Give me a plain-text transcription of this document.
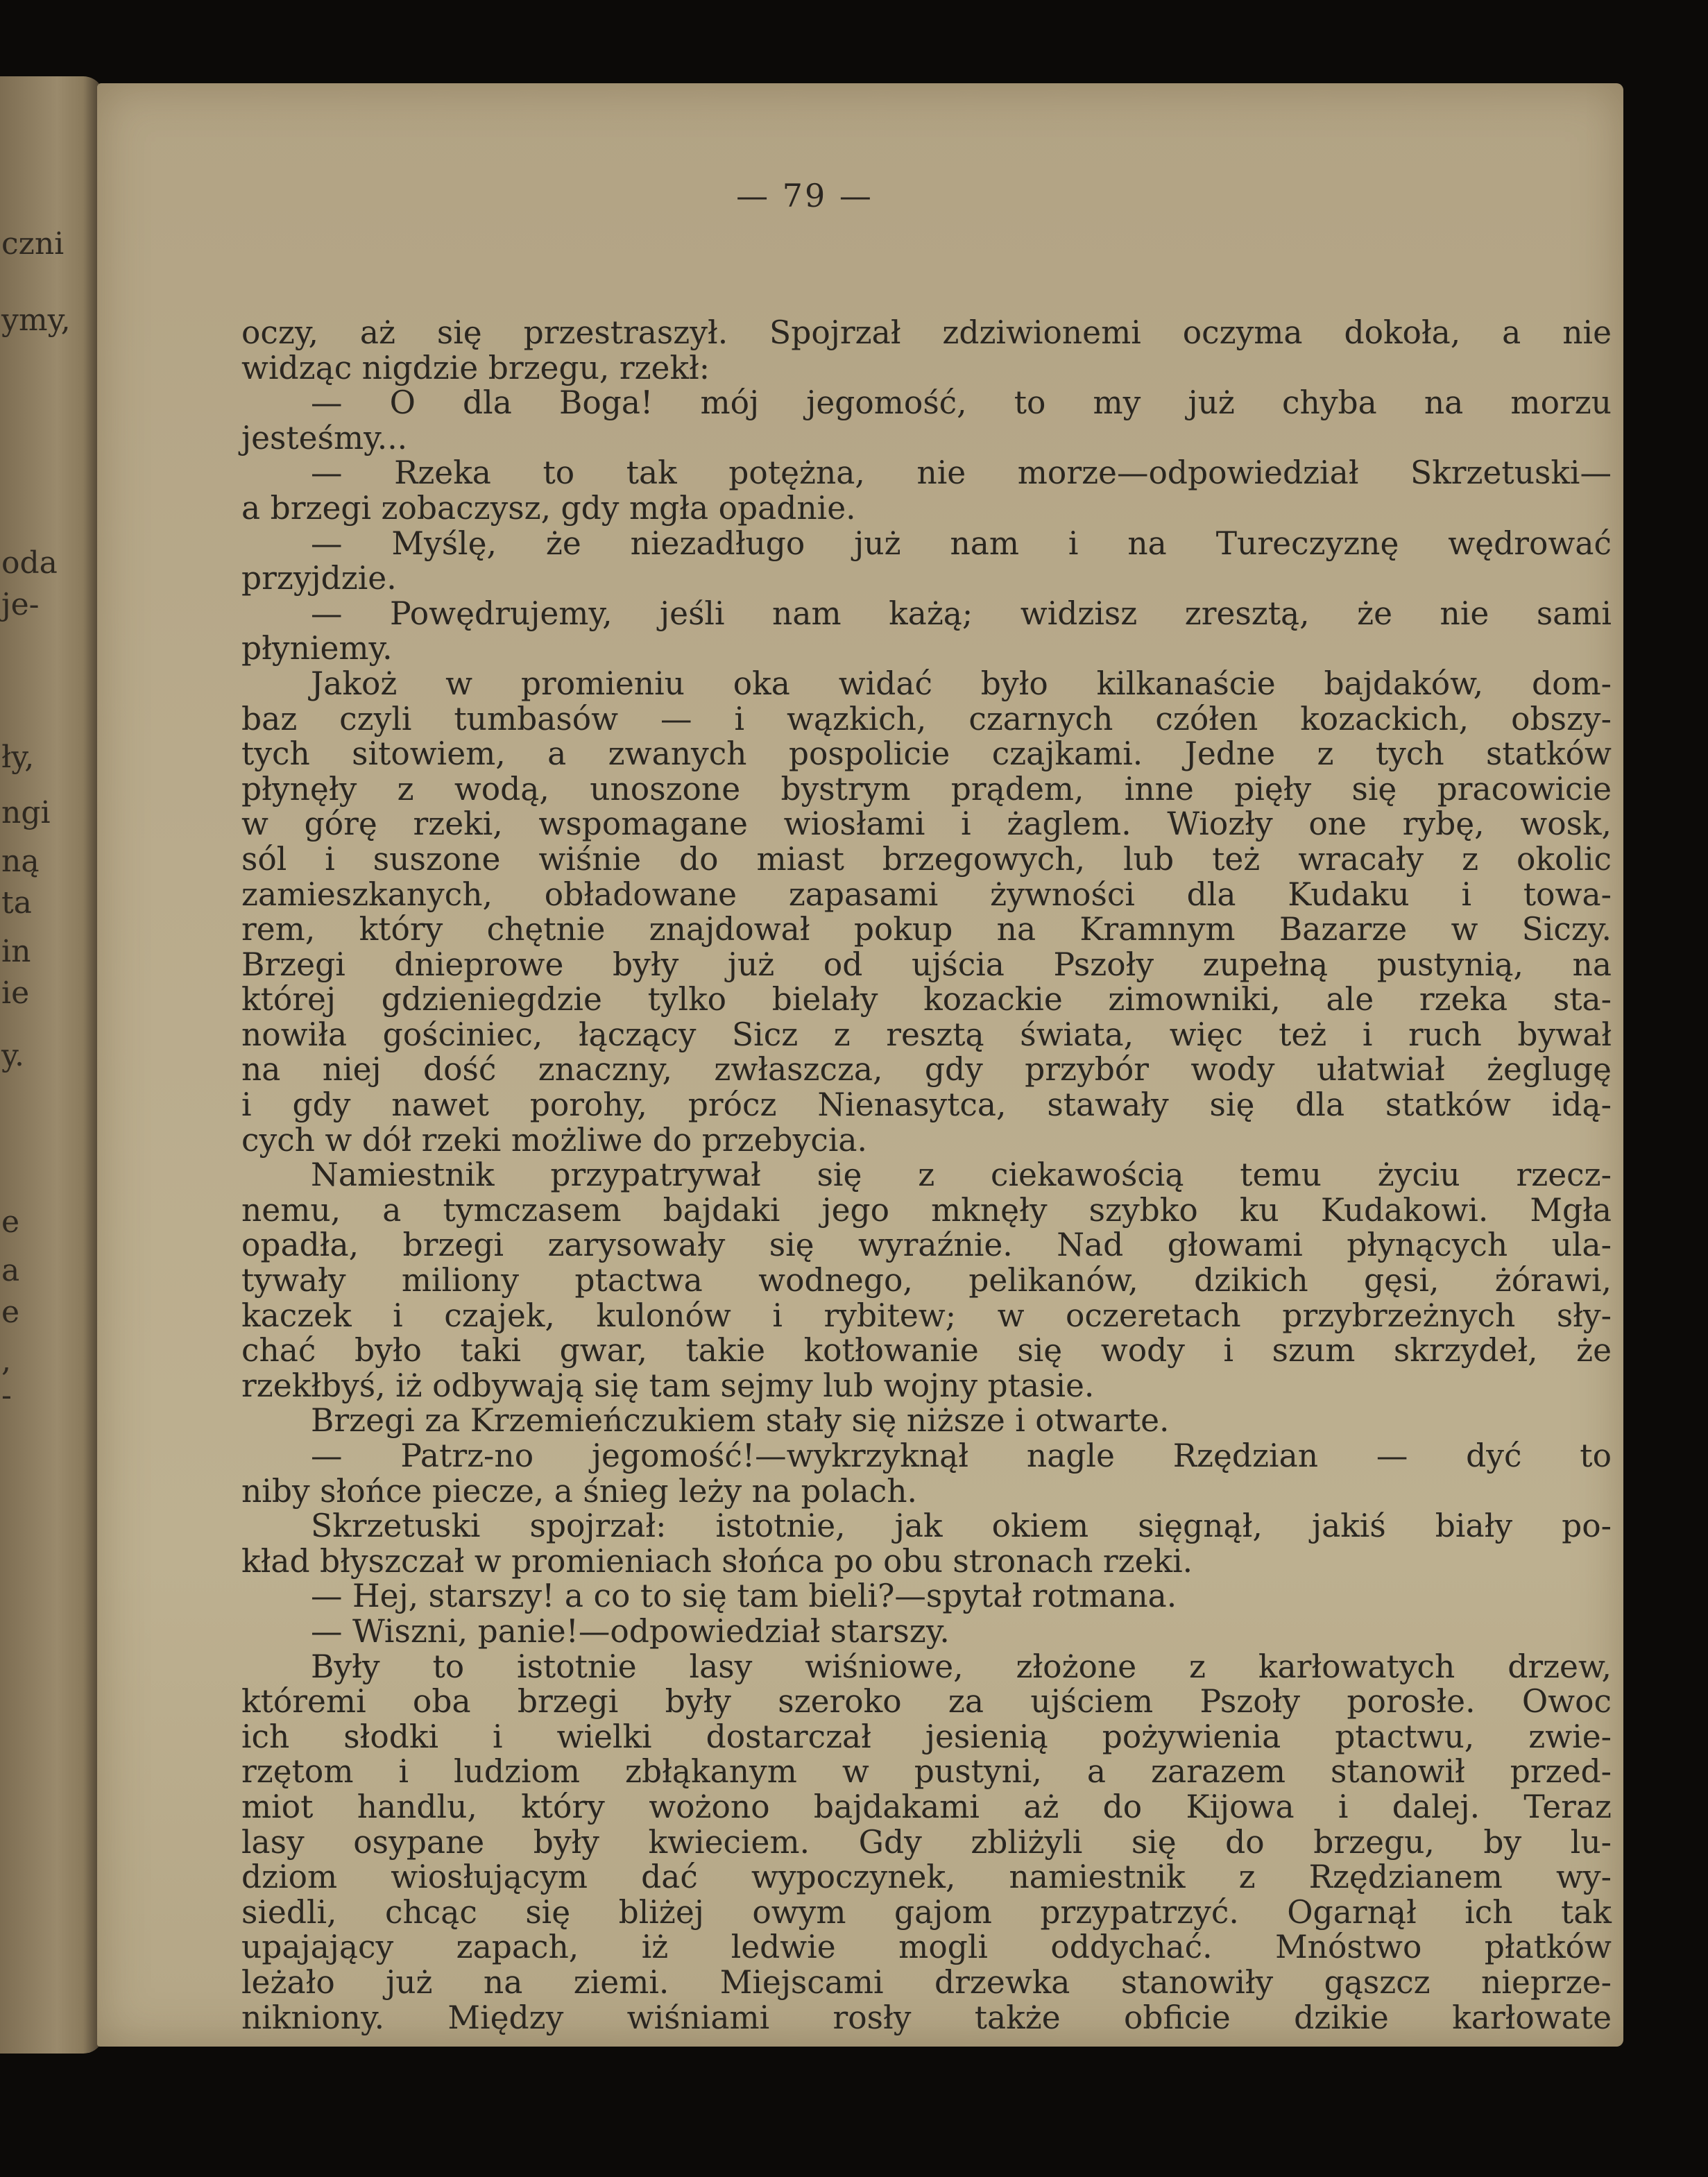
czni
ymy,
oda
je-
ły,
ngi
ną
ta
in
ie
y.
e
a
e
,
-
— 79 —
oczy, aż się przestraszył. Spojrzał zdziwionemi oczyma dokoła, a nie
widząc nigdzie brzegu, rzekł:
— O dla Boga! mój jegomość, to my już chyba na morzu
jesteśmy...
— Rzeka to tak potężna, nie morze—odpowiedział Skrzetuski—
a brzegi zobaczysz, gdy mgła opadnie.
— Myślę, że niezadługo już nam i na Tureczyznę wędrować
przyjdzie.
— Powędrujemy, jeśli nam każą; widzisz zresztą, że nie sami
płyniemy.
Jakoż w promieniu oka widać było kilkanaście bajdaków, dom-
baz czyli tumbasów — i wązkich, czarnych czółen kozackich, obszy-
tych sitowiem, a zwanych pospolicie czajkami. Jedne z tych statków
płynęły z wodą, unoszone bystrym prądem, inne pięły się pracowicie
w górę rzeki, wspomagane wiosłami i żaglem. Wiozły one rybę, wosk,
sól i suszone wiśnie do miast brzegowych, lub też wracały z okolic
zamieszkanych, obładowane zapasami żywności dla Kudaku i towa-
rem, który chętnie znajdował pokup na Kramnym Bazarze w Siczy.
Brzegi dnieprowe były już od ujścia Pszoły zupełną pustynią, na
której gdzieniegdzie tylko bielały kozackie zimowniki, ale rzeka sta-
nowiła gościniec, łączący Sicz z resztą świata, więc też i ruch bywał
na niej dość znaczny, zwłaszcza, gdy przybór wody ułatwiał żeglugę
i gdy nawet porohy, prócz Nienasytca, stawały się dla statków idą-
cych w dół rzeki możliwe do przebycia.
Namiestnik przypatrywał się z ciekawością temu życiu rzecz-
nemu, a tymczasem bajdaki jego mknęły szybko ku Kudakowi. Mgła
opadła, brzegi zarysowały się wyraźnie. Nad głowami płynących ula-
tywały miliony ptactwa wodnego, pelikanów, dzikich gęsi, żórawi,
kaczek i czajek, kulonów i rybitew; w oczeretach przybrzeżnych sły-
chać było taki gwar, takie kotłowanie się wody i szum skrzydeł, że
rzekłbyś, iż odbywają się tam sejmy lub wojny ptasie.
Brzegi za Krzemieńczukiem stały się niższe i otwarte.
— Patrz-no jegomość!—wykrzyknął nagle Rzędzian — dyć to
niby słońce piecze, a śnieg leży na polach.
Skrzetuski spojrzał: istotnie, jak okiem sięgnął, jakiś biały po-
kład błyszczał w promieniach słońca po obu stronach rzeki.
— Hej, starszy! a co to się tam bieli?—spytał rotmana.
— Wiszni, panie!—odpowiedział starszy.
Były to istotnie lasy wiśniowe, złożone z karłowatych drzew,
któremi oba brzegi były szeroko za ujściem Pszoły porosłe. Owoc
ich słodki i wielki dostarczał jesienią pożywienia ptactwu, zwie-
rzętom i ludziom zbłąkanym w pustyni, a zarazem stanowił przed-
miot handlu, który wożono bajdakami aż do Kijowa i dalej. Teraz
lasy osypane były kwieciem. Gdy zbliżyli się do brzegu, by lu-
dziom wiosłującym dać wypoczynek, namiestnik z Rzędzianem wy-
siedli, chcąc się bliżej owym gajom przypatrzyć. Ogarnął ich tak
upajający zapach, iż ledwie mogli oddychać. Mnóstwo płatków
leżało już na ziemi. Miejscami drzewka stanowiły gąszcz nieprze-
nikniony. Między wiśniami rosły także obficie dzikie karłowate
